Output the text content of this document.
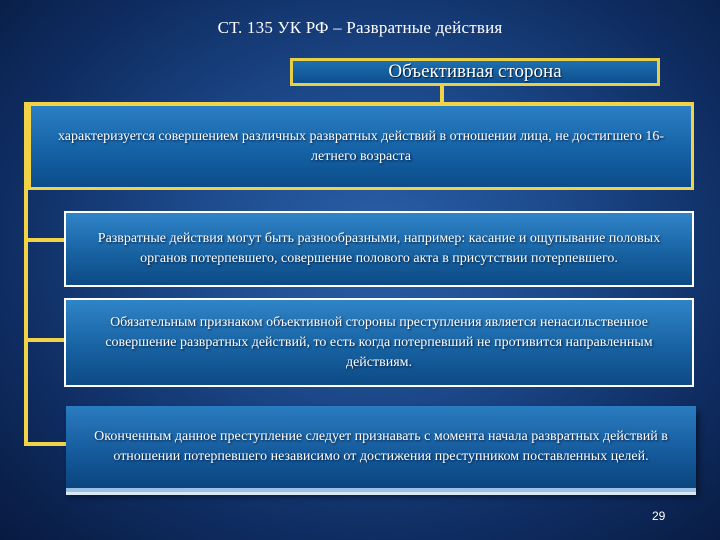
СТ. 135 УК РФ – Развратные действия
Объективная сторона
характеризуется совершением различных развратных действий в отношении лица, не достигшего 16-летнего возраста
Развратные действия могут быть разнообразными, например: касание и ощупывание половых органов потерпевшего, совершение полового акта в присутствии потерпевшего.
Обязательным признаком объективной стороны преступления является ненасильственное совершение развратных действий, то есть когда потерпевший не противится направленным действиям.
Оконченным данное преступление следует признавать с момента начала развратных действий в отношении потерпевшего независимо от достижения преступником поставленных целей.
29
